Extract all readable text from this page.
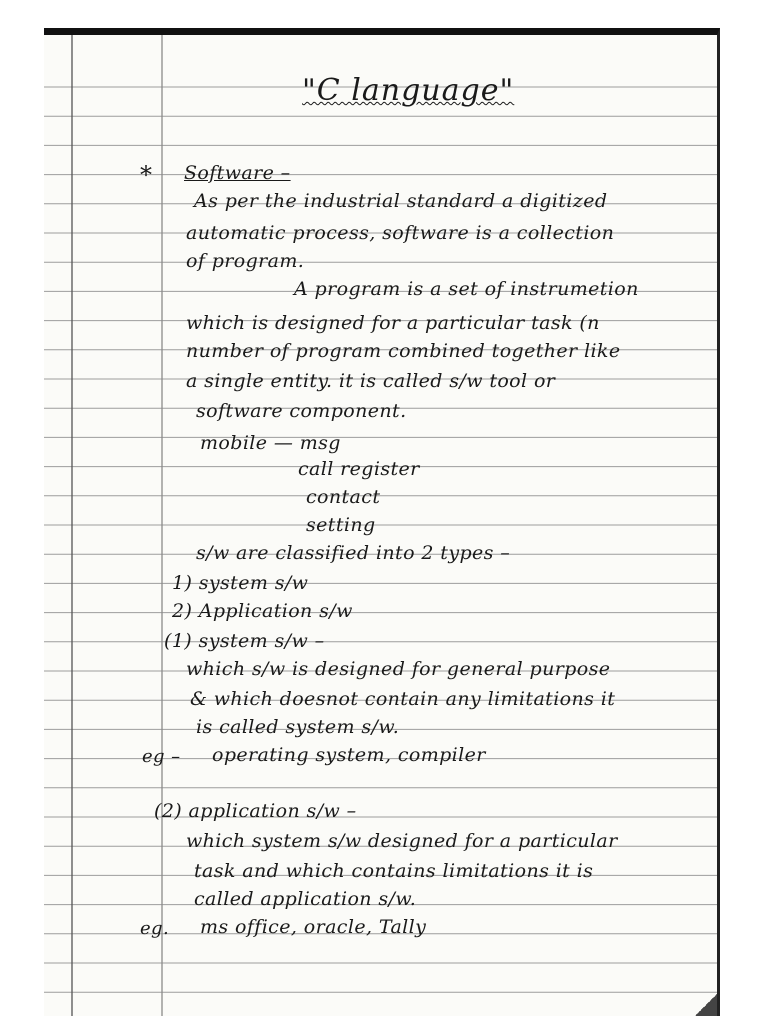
"C language"
* Software –
As per the industrial standard a digitized
automatic process, software is a collection
of program.
A program is a set of instrumetion
which is designed for a particular task (n
number of program combined together like
a single entity. it is called s/w tool or
software component.
mobile — msg
call register
contact
setting
s/w are classified into 2 types –
1) system s/w
2) Application s/w
(1) system s/w –
which s/w is designed for general purpose
& which doesnot contain any limitations it
is called system s/w.
eg – operating system, compiler
(2) application s/w –
which system s/w designed for a particular
task and which contains limitations it is
called application s/w.
eg. ms office, oracle, Tally
